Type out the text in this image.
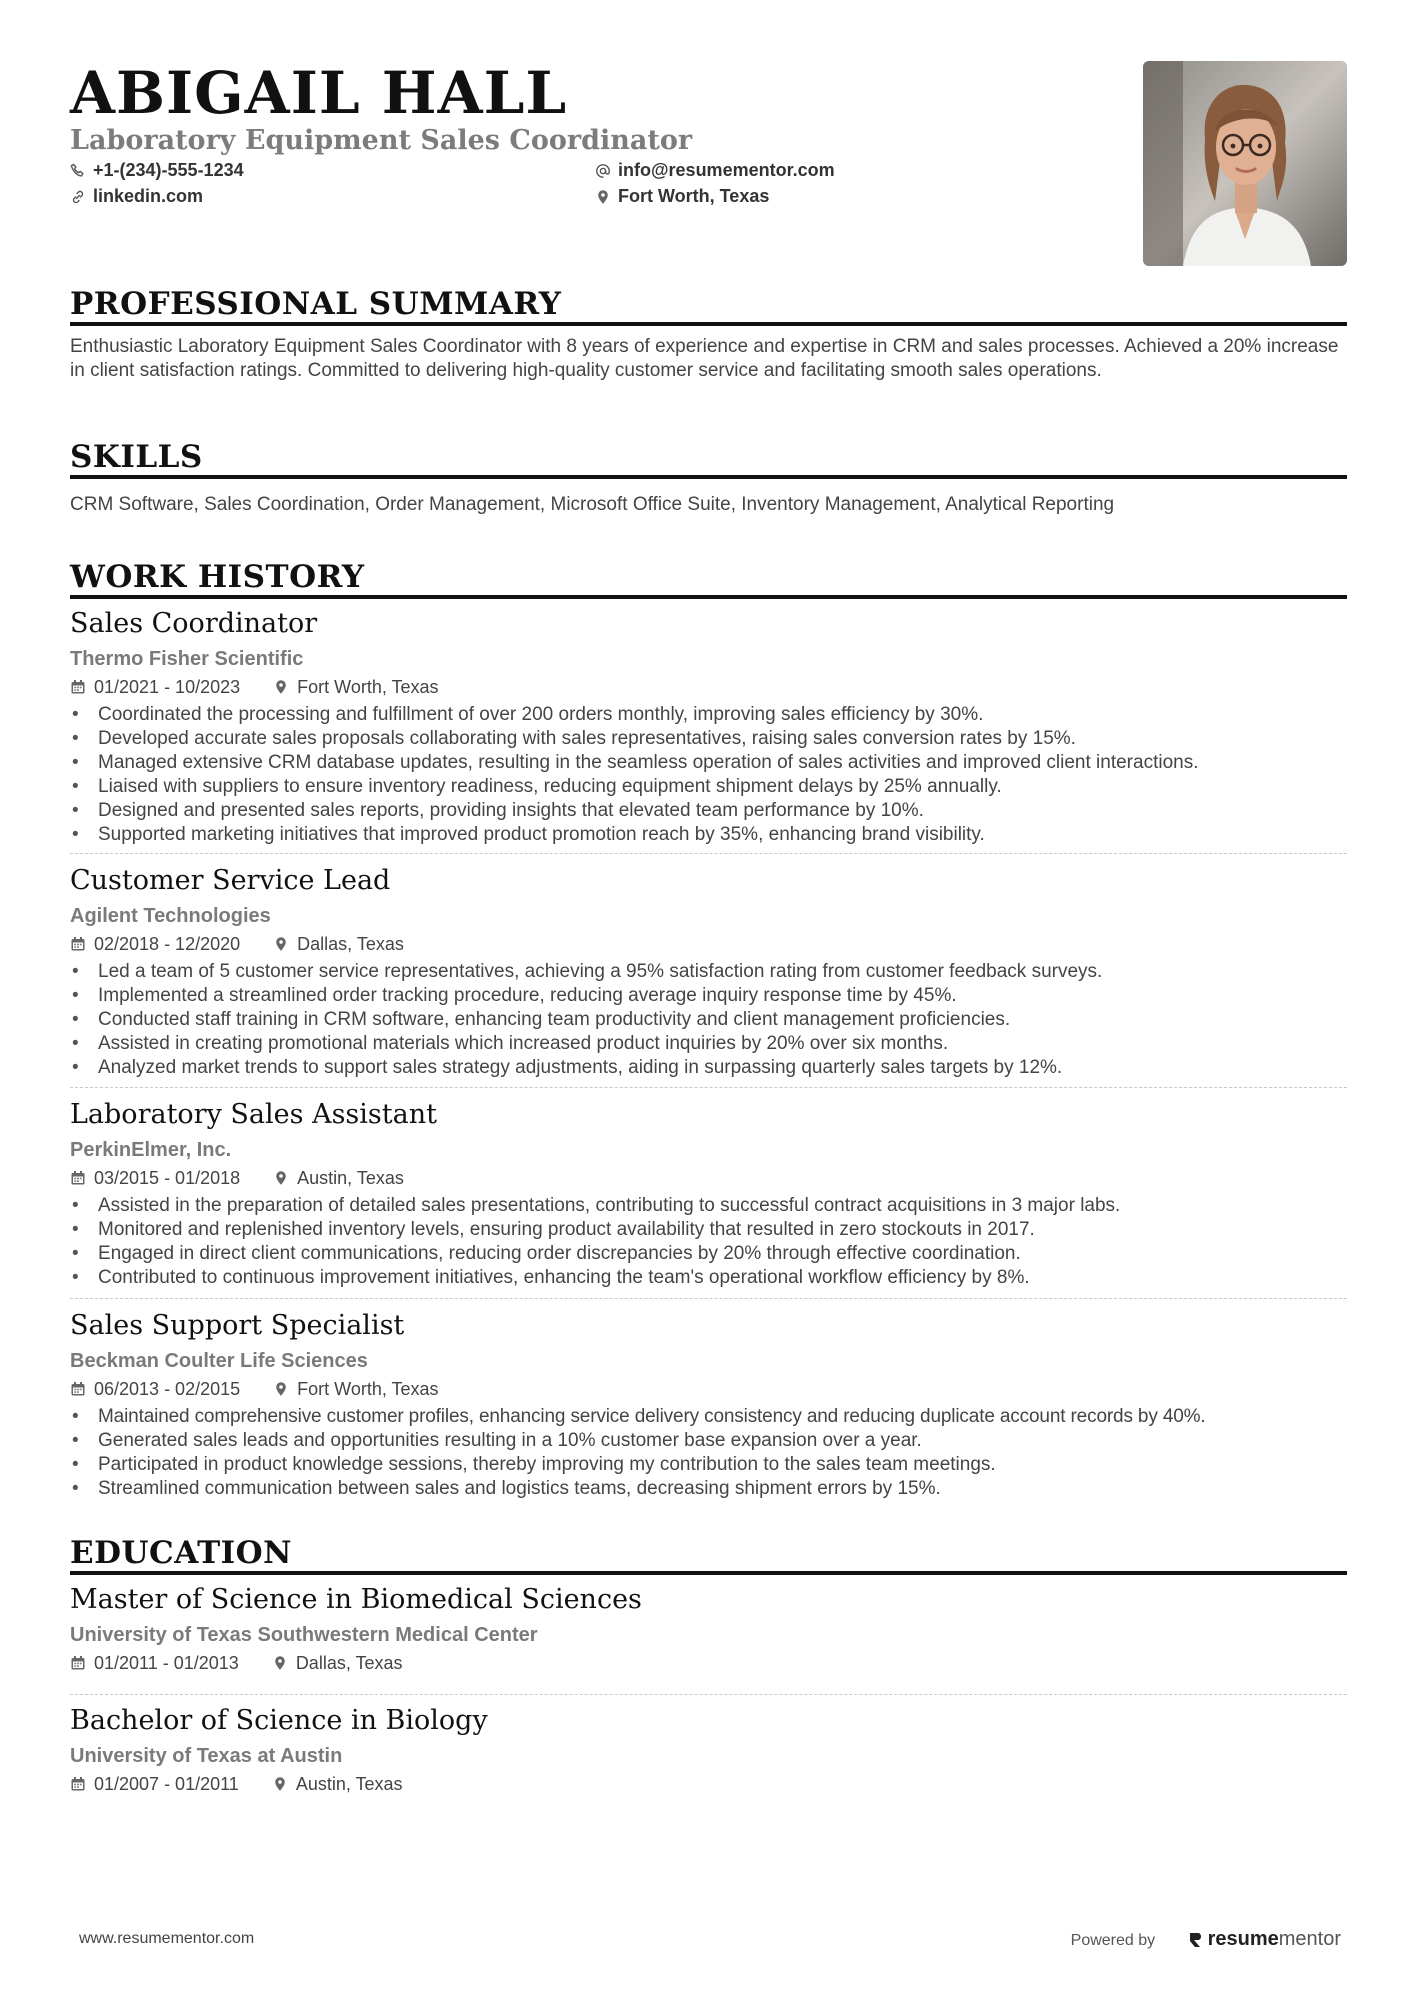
ABIGAIL HALL
Laboratory Equipment Sales Coordinator
+1-(234)-555-1234
linkedin.com
info@resumementor.com
Fort Worth, Texas
PROFESSIONAL SUMMARY
Enthusiastic Laboratory Equipment Sales Coordinator with 8 years of experience and expertise in CRM and sales processes. Achieved a 20% increase in client satisfaction ratings. Committed to delivering high-quality customer service and facilitating smooth sales operations.
SKILLS
CRM Software, Sales Coordination, Order Management, Microsoft Office Suite, Inventory Management, Analytical Reporting
WORK HISTORY
Sales Coordinator
Thermo Fisher Scientific
01/2021 - 10/2023	Fort Worth, Texas
• Coordinated the processing and fulfillment of over 200 orders monthly, improving sales efficiency by 30%.
• Developed accurate sales proposals collaborating with sales representatives, raising sales conversion rates by 15%.
• Managed extensive CRM database updates, resulting in the seamless operation of sales activities and improved client interactions.
• Liaised with suppliers to ensure inventory readiness, reducing equipment shipment delays by 25% annually.
• Designed and presented sales reports, providing insights that elevated team performance by 10%.
• Supported marketing initiatives that improved product promotion reach by 35%, enhancing brand visibility.
Customer Service Lead
Agilent Technologies
02/2018 - 12/2020	Dallas, Texas
• Led a team of 5 customer service representatives, achieving a 95% satisfaction rating from customer feedback surveys.
• Implemented a streamlined order tracking procedure, reducing average inquiry response time by 45%.
• Conducted staff training in CRM software, enhancing team productivity and client management proficiencies.
• Assisted in creating promotional materials which increased product inquiries by 20% over six months.
• Analyzed market trends to support sales strategy adjustments, aiding in surpassing quarterly sales targets by 12%.
Laboratory Sales Assistant
PerkinElmer, Inc.
03/2015 - 01/2018	Austin, Texas
• Assisted in the preparation of detailed sales presentations, contributing to successful contract acquisitions in 3 major labs.
• Monitored and replenished inventory levels, ensuring product availability that resulted in zero stockouts in 2017.
• Engaged in direct client communications, reducing order discrepancies by 20% through effective coordination.
• Contributed to continuous improvement initiatives, enhancing the team's operational workflow efficiency by 8%.
Sales Support Specialist
Beckman Coulter Life Sciences
06/2013 - 02/2015	Fort Worth, Texas
• Maintained comprehensive customer profiles, enhancing service delivery consistency and reducing duplicate account records by 40%.
• Generated sales leads and opportunities resulting in a 10% customer base expansion over a year.
• Participated in product knowledge sessions, thereby improving my contribution to the sales team meetings.
• Streamlined communication between sales and logistics teams, decreasing shipment errors by 15%.
EDUCATION
Master of Science in Biomedical Sciences
University of Texas Southwestern Medical Center
01/2011 - 01/2013	Dallas, Texas
Bachelor of Science in Biology
University of Texas at Austin
01/2007 - 01/2011	Austin, Texas
www.resumementor.com	Powered by	resumementor
